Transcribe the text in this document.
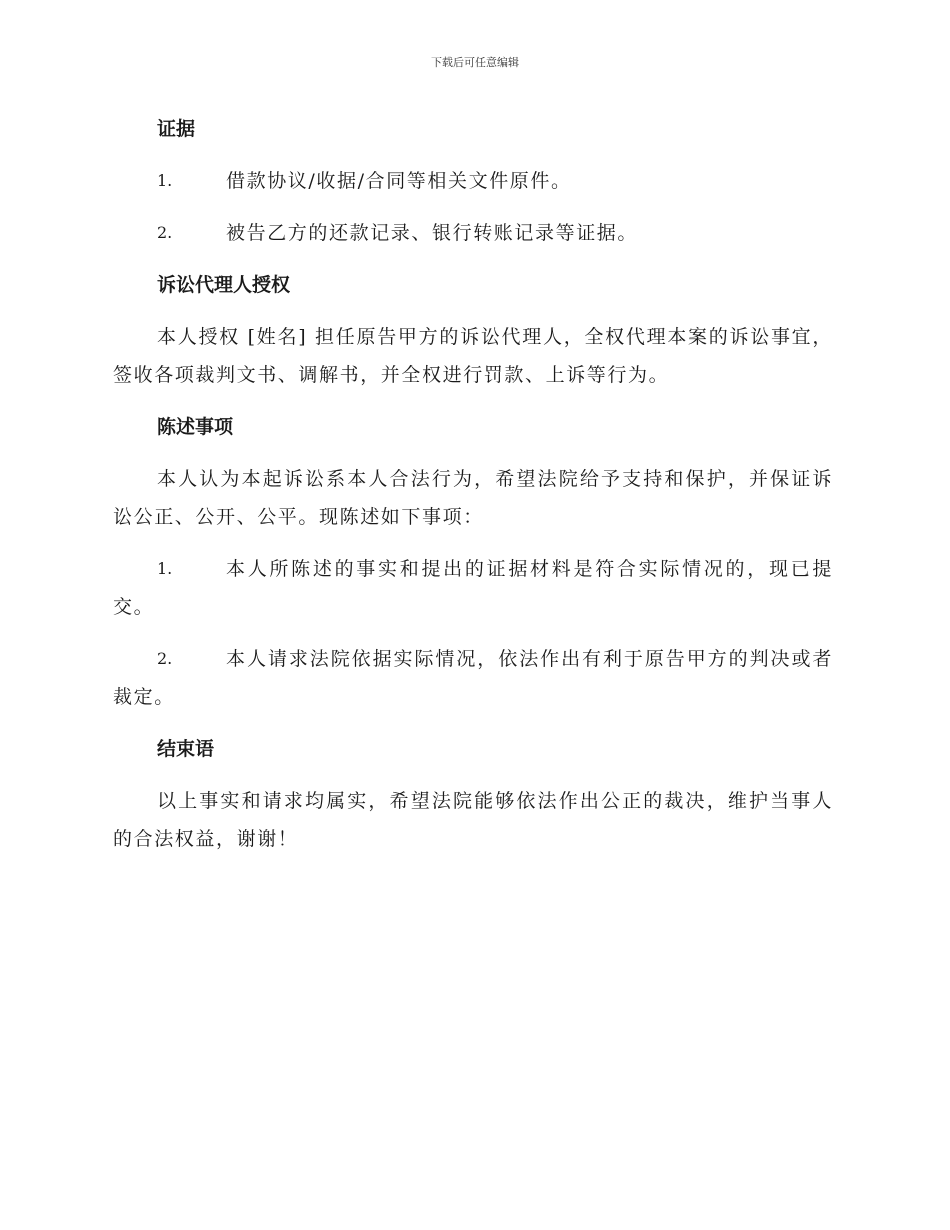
下载后可任意编辑
证据
1.	借款协议/收据/合同等相关文件原件。
2.	被告乙方的还款记录、银行转账记录等证据。
诉讼代理人授权
本人授权 [姓名] 担任原告甲方的诉讼代理人，全权代理本案的诉讼事宜，签收各项裁判文书、调解书，并全权进行罚款、上诉等行为。
陈述事项
本人认为本起诉讼系本人合法行为，希望法院给予支持和保护，并保证诉讼公正、公开、公平。现陈述如下事项：
1.	本人所陈述的事实和提出的证据材料是符合实际情况的，现已提交。
2.	本人请求法院依据实际情况，依法作出有利于原告甲方的判决或者裁定。
结束语
以上事实和请求均属实，希望法院能够依法作出公正的裁决，维护当事人的合法权益，谢谢！
